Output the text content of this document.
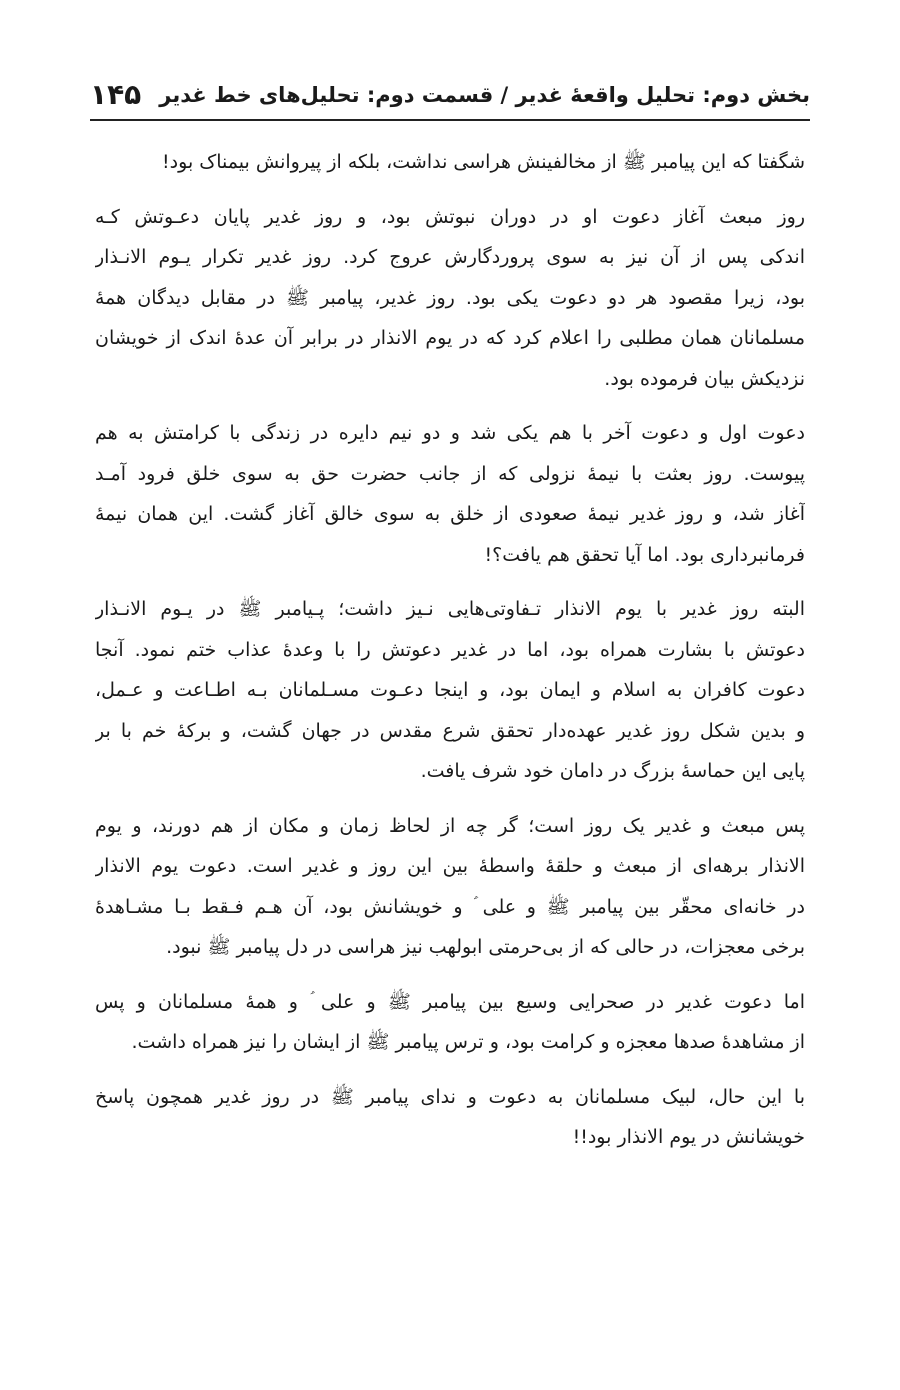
بخش دوم: تحلیل واقعهٔ غدیر / قسمت دوم: تحلیل‌های خط غدیر
۱۴۵

شگفتا که این پیامبر ﷺ از مخالفینش هراسی نداشت، بلکه از پیروانش بیمناک بود!

روز مبعث آغاز دعوت او در دوران نبوتش بود، و روز غدیر پایان دعـوتش کـه
اندکی پس از آن نیز به سوی پروردگارش عروج کرد. روز غدیر تکرار یـوم الانـذار
بود، زیرا مقصود هر دو دعوت یکی بود. روز غدیر، پیامبر ﷺ در مقابل دیدگان همهٔ
مسلمانان همان مطلبی را اعلام کرد که در یوم الانذار در برابر آن عدهٔ اندک از خویشان
نزدیکش بیان فرموده بود.

دعوت اول و دعوت آخر با هم یکی شد و دو نیم دایره در زندگی با کرامتش به هم
پیوست. روز بعثت با نیمهٔ نزولی که از جانب حضرت حق به سوی خلق فرود آمـد
آغاز شد، و روز غدیر نیمهٔ صعودی از خلق به سوی خالق آغاز گشت. این همان نیمهٔ
فرمانبرداری بود. اما آیا تحقق هم یافت؟!

البته روز غدیر با یوم الانذار تـفاوتی‌هایی نـیز داشت؛ پـیامبر ﷺ در یـوم الانـذار
دعوتش با بشارت همراه بود، اما در غدیر دعوتش را با وعدهٔ عذاب ختم نمود. آنجا
دعوت کافران به اسلام و ایمان بود، و اینجا دعـوت مسـلمانان بـه اطـاعت و عـمل،
و بدین شکل روز غدیر عهده‌دار تحقق شرع مقدس در جهان گشت، و برکهٔ خم با بر
پایی این حماسهٔ بزرگ در دامان خود شرف یافت.

پس مبعث و غدیر یک روز است؛ گر چه از لحاظ زمان و مکان از هم دورند، و یوم
الانذار برهه‌ای از مبعث و حلقهٔ واسطهٔ بین این روز و غدیر است. دعوت یوم الانذار
در خانه‌ای محقّر بین پیامبر ﷺ و علی ؑ و خویشانش بود، آن هـم فـقط بـا مشـاهدهٔ
برخی معجزات، در حالی که از بی‌حرمتی ابولهب نیز هراسی در دل پیامبر ﷺ نبود.

اما دعوت غدیر در صحرایی وسیع بین پیامبر ﷺ و علی ؑ و همهٔ مسلمانان و پس
از مشاهدهٔ صدها معجزه و کرامت بود، و ترس پیامبر ﷺ از ایشان را نیز همراه داشت.

با این حال، لبیک مسلمانان به دعوت و ندای پیامبر ﷺ در روز غدیر همچون پاسخ
خویشانش در یوم الانذار بود!!
